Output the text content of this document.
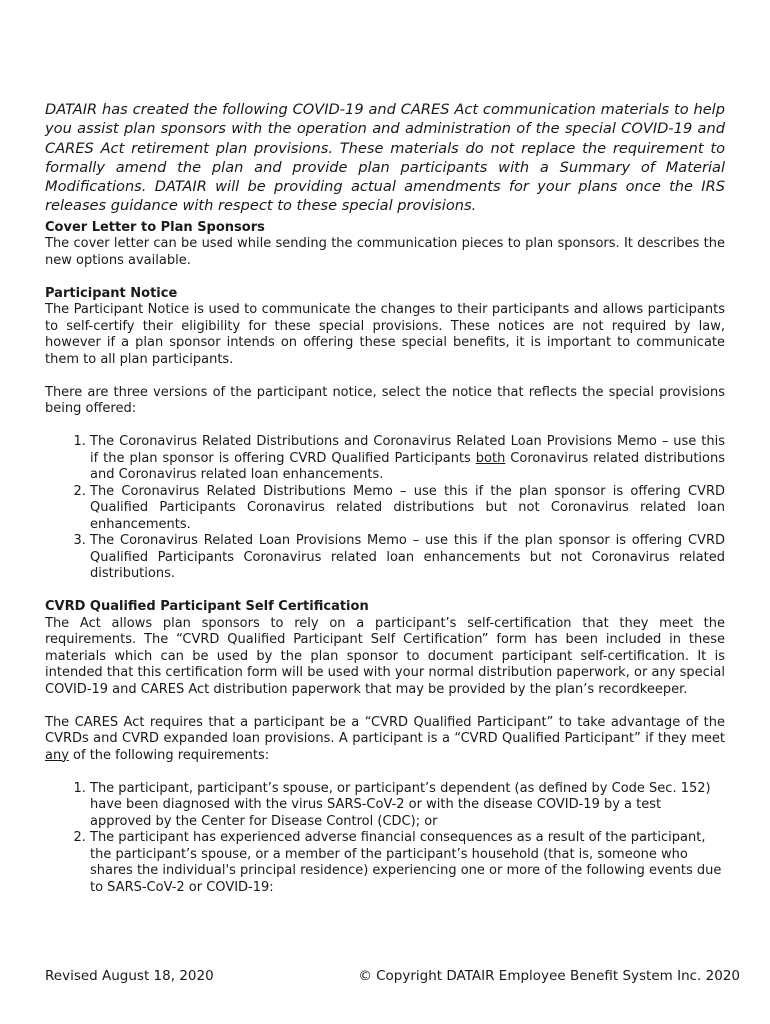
DATAIR has created the following COVID-19 and CARES Act communication materials to help you assist plan sponsors with the operation and administration of the special COVID-19 and CARES Act retirement plan provisions. These materials do not replace the requirement to formally amend the plan and provide plan participants with a Summary of Material Modifications. DATAIR will be providing actual amendments for your plans once the IRS releases guidance with respect to these special provisions.

Cover Letter to Plan Sponsors

The cover letter can be used while sending the communication pieces to plan sponsors. It describes the new options available.

Participant Notice

The Participant Notice is used to communicate the changes to their participants and allows participants to self-certify their eligibility for these special provisions. These notices are not required by law, however if a plan sponsor intends on offering these special benefits, it is important to communicate them to all plan participants.

There are three versions of the participant notice, select the notice that reflects the special provisions being offered:

1. The Coronavirus Related Distributions and Coronavirus Related Loan Provisions Memo – use this if the plan sponsor is offering CVRD Qualified Participants both Coronavirus related distributions and Coronavirus related loan enhancements.
2. The Coronavirus Related Distributions Memo – use this if the plan sponsor is offering CVRD Qualified Participants Coronavirus related distributions but not Coronavirus related loan enhancements.
3. The Coronavirus Related Loan Provisions Memo – use this if the plan sponsor is offering CVRD Qualified Participants Coronavirus related loan enhancements but not Coronavirus related distributions.
CVRD Qualified Participant Self Certification

The Act allows plan sponsors to rely on a participant’s self-certification that they meet the requirements. The “CVRD Qualified Participant Self Certification” form has been included in these materials which can be used by the plan sponsor to document participant self-certification. It is intended that this certification form will be used with your normal distribution paperwork, or any special COVID-19 and CARES Act distribution paperwork that may be provided by the plan’s recordkeeper.

The CARES Act requires that a participant be a “CVRD Qualified Participant” to take advantage of the CVRDs and CVRD expanded loan provisions. A participant is a “CVRD Qualified Participant” if they meet any of the following requirements:

1. The participant, participant’s spouse, or participant’s dependent (as defined by Code Sec. 152) have been diagnosed with the virus SARS-CoV-2 or with the disease COVID-19 by a test approved by the Center for Disease Control (CDC); or
2. The participant has experienced adverse financial consequences as a result of the participant, the participant’s spouse, or a member of the participant’s household (that is, someone who shares the individual's principal residence) experiencing one or more of the following events due to SARS-CoV-2 or COVID-19:
Revised August 18, 2020	© Copyright DATAIR Employee Benefit System Inc. 2020
